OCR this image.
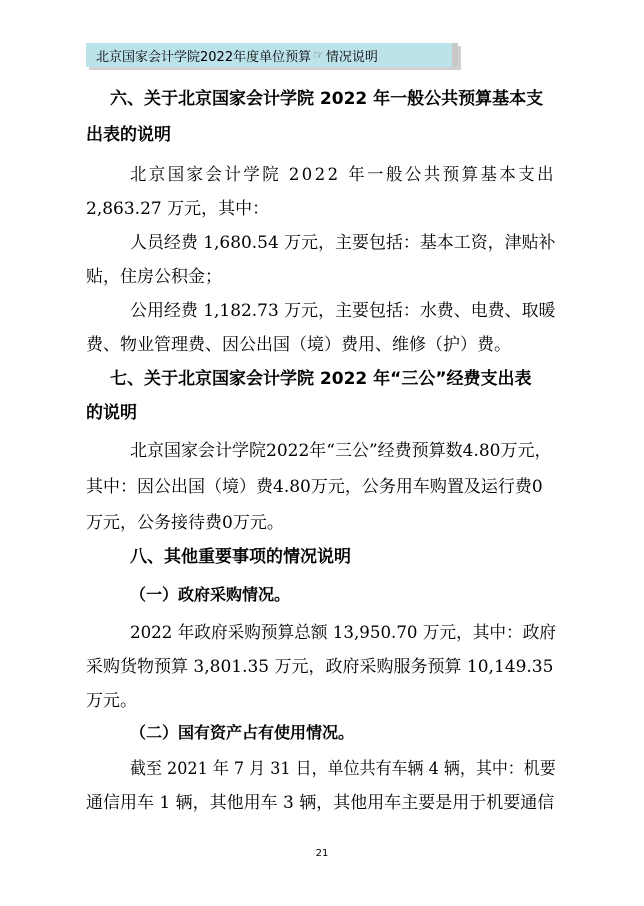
北京国家会计学院2022年度单位预算 ☞ 情况说明
六、关于北京国家会计学院 2022 年一般公共预算基本支
出表的说明
北京国家会计学院 2022 年一般公共预算基本支出
2,863.27 万元，其中：
人员经费 1,680.54 万元，主要包括：基本工资，津贴补
贴，住房公积金；
公用经费 1,182.73 万元，主要包括：水费、电费、取暖
费、物业管理费、因公出国（境）费用、维修（护）费。
七、关于北京国家会计学院 2022 年“三公”经费支出表
的说明
北京国家会计学院2022年“三公”经费预算数4.80万元，
其中：因公出国（境）费4.80万元，公务用车购置及运行费0
万元，公务接待费0万元。
八、其他重要事项的情况说明
（一）政府采购情况。
2022 年政府采购预算总额 13,950.70 万元，其中：政府
采购货物预算 3,801.35 万元，政府采购服务预算 10,149.35
万元。
（二）国有资产占有使用情况。
截至 2021 年 7 月 31 日，单位共有车辆 4 辆，其中：机要
通信用车 1 辆，其他用车 3 辆，其他用车主要是用于机要通信
21
